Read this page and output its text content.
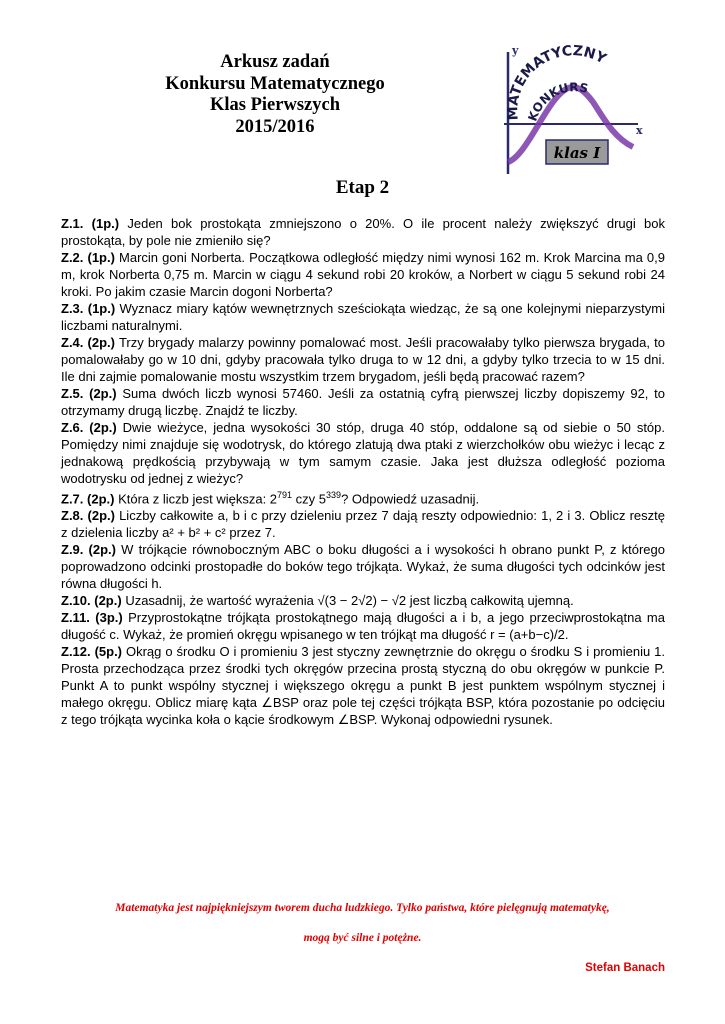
Arkusz zadań
Konkursu Matematycznego
Klas Pierwszych
2015/2016
y
x
MATEMATYCZNY
KONKURS
klas I
Etap 2

Z.1. (1p.) Jeden bok prostokąta zmniejszono o 20%. O ile procent należy zwiększyć drugi bok prostokąta, by pole nie zmieniło się?

Z.2. (1p.) Marcin goni Norberta. Początkowa odległość między nimi wynosi 162 m. Krok Marcina ma 0,9 m, krok Norberta 0,75 m. Marcin w ciągu 4 sekund robi 20 kroków, a Norbert w ciągu 5 sekund robi 24 kroki. Po jakim czasie Marcin dogoni Norberta?

Z.3. (1p.) Wyznacz miary kątów wewnętrznych sześciokąta wiedząc, że są one kolejnymi nieparzystymi liczbami naturalnymi.

Z.4. (2p.) Trzy brygady malarzy powinny pomalować most. Jeśli pracowałaby tylko pierwsza brygada, to pomalowałaby go w 10 dni, gdyby pracowała tylko druga to w 12 dni, a gdyby tylko trzecia to w 15 dni. Ile dni zajmie pomalowanie mostu wszystkim trzem brygadom, jeśli będą pracować razem?

Z.5. (2p.) Suma dwóch liczb wynosi 57460. Jeśli za ostatnią cyfrą pierwszej liczby dopiszemy 92, to otrzymamy drugą liczbę. Znajdź te liczby.

Z.6. (2p.) Dwie wieżyce, jedna wysokości 30 stóp, druga 40 stóp, oddalone są od siebie o 50 stóp. Pomiędzy nimi znajduje się wodotrysk, do którego zlatują dwa ptaki z wierzchołków obu wieżyc i lecąc z jednakową prędkością przybywają w tym samym czasie. Jaka jest dłuższa odległość pozioma wodotrysku od jednej z wieżyc?

Z.7. (2p.) Która z liczb jest większa: $2^{791}$ czy $5^{339}$? Odpowiedź uzasadnij.

Z.8. (2p.) Liczby całkowite a, b i c przy dzieleniu przez 7 dają reszty odpowiednio: 1, 2 i 3. Oblicz resztę z dzielenia liczby a² + b² + c² przez 7.

Z.9. (2p.) W trójkącie równoboczným ABC o boku długości a i wysokości h obrano punkt P, z którego poprowadzono odcinki prostopadłe do boków tego trójkąta. Wykaż, że suma długości tych odcinków jest równa długości h.

Z.10. (2p.) Uzasadnij, że wartość wyrażenia √(3 − 2√2) − √2 jest liczbą całkowitą ujemną.

Z.11. (3p.) Przyprostokątne trójkąta prostokątnego mają długości a i b, a jego przeciwprostokątna ma długość c. Wykaż, że promień okręgu wpisanego w ten trójkąt ma długość r = (a+b−c)/2.

Z.12. (5p.) Okrąg o środku O i promieniu 3 jest styczny zewnętrznie do okręgu o środku S i promieniu 1. Prosta przechodząca przez środki tych okręgów przecina prostą styczną do obu okręgów w punkcie P. Punkt A to punkt wspólny stycznej i większego okręgu a punkt B jest punktem wspólnym stycznej i małego okręgu. Oblicz miarę kąta ∠BSP oraz pole tej części trójkąta BSP, która pozostanie po odcięciu z tego trójkąta wycinka koła o kącie środkowym ∠BSP. Wykonaj odpowiedni rysunek.

Matematyka jest najpiękniejszym tworem ducha ludzkiego. Tylko państwa, które pielęgnują matematykę,
mogą być silne i potężne.
Stefan Banach
